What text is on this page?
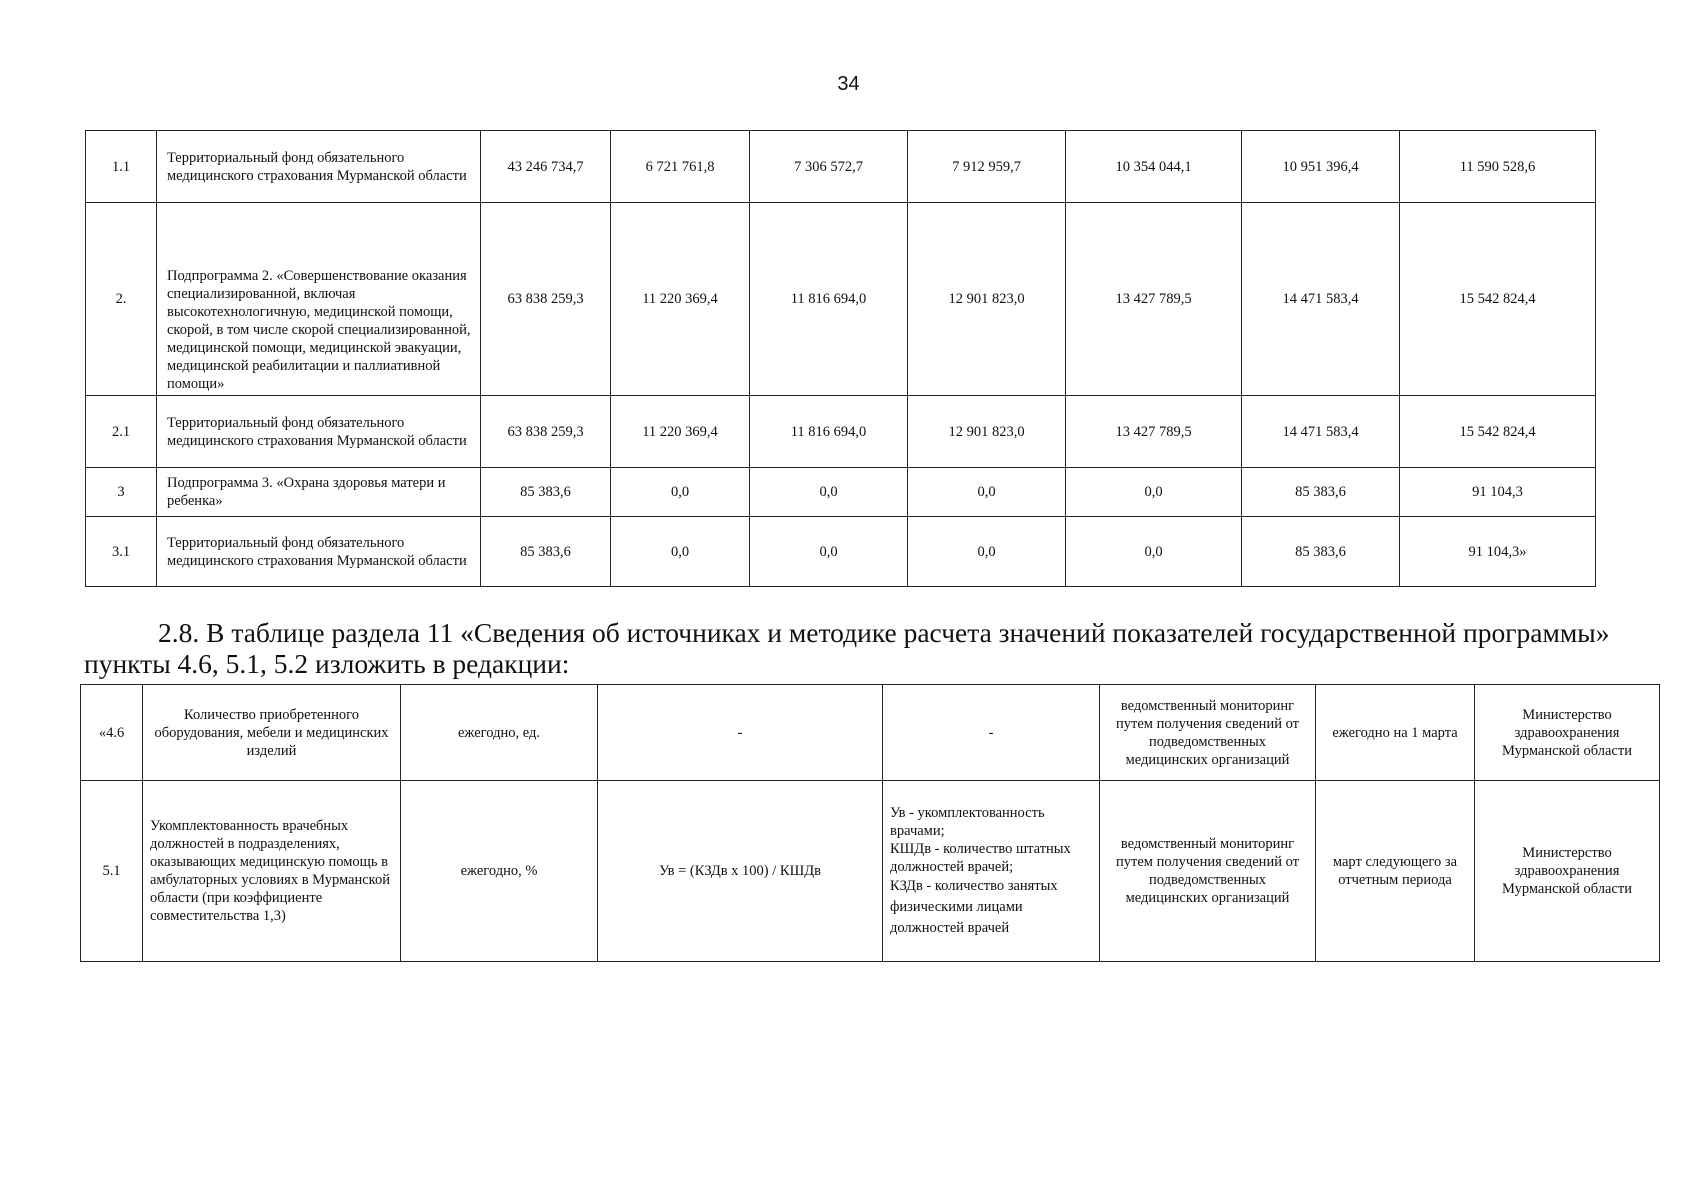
34
1.1	Территориальный фонд обязательного медицинского страхования Мурманской области	43 246 734,7	6 721 761,8	7 306 572,7	7 912 959,7	10 354 044,1	10 951 396,4	11 590 528,6
2.	Подпрограмма 2. «Совершенствование оказания специализированной, включая высокотехнологичную, медицинской помощи, скорой, в том числе скорой специализированной, медицинской помощи, медицинской эвакуации, медицинской реабилитации и паллиативной помощи»	63 838 259,3	11 220 369,4	11 816 694,0	12 901 823,0	13 427 789,5	14 471 583,4	15 542 824,4
2.1	Территориальный фонд обязательного медицинского страхования Мурманской области	63 838 259,3	11 220 369,4	11 816 694,0	12 901 823,0	13 427 789,5	14 471 583,4	15 542 824,4
3	Подпрограмма 3. «Охрана здоровья матери и ребенка»	85 383,6	0,0	0,0	0,0	0,0	85 383,6	91 104,3
3.1	Территориальный фонд обязательного медицинского страхования Мурманской области	85 383,6	0,0	0,0	0,0	0,0	85 383,6	91 104,3»
2.8. В таблице раздела 11 «Сведения об источниках и методике расчета значений показателей государственной программы» пункты 4.6, 5.1, 5.2 изложить в редакции:
«4.6	Количество приобретенного оборудования, мебели и медицинских изделий	ежегодно, ед.	-	-	ведомственный мониторинг путем получения сведений от подведомственных медицинских организаций	ежегодно на 1 марта	Министерство здравоохранения Мурманской области
5.1	Укомплектованность врачебных должностей в подразделениях, оказывающих медицинскую помощь в амбулаторных условиях в Мурманской области (при коэффициенте совместительства 1,3)	ежегодно, %	Ув = (КЗДв х 100) / КШДв	Ув - укомплектованность врачами;
КШДв - количество штатных должностей врачей;
КЗДв - количество занятых физическими лицами должностей врачей	ведомственный мониторинг путем получения сведений от подведомственных медицинских организаций	март следующего за отчетным периода	Министерство здравоохранения Мурманской области
